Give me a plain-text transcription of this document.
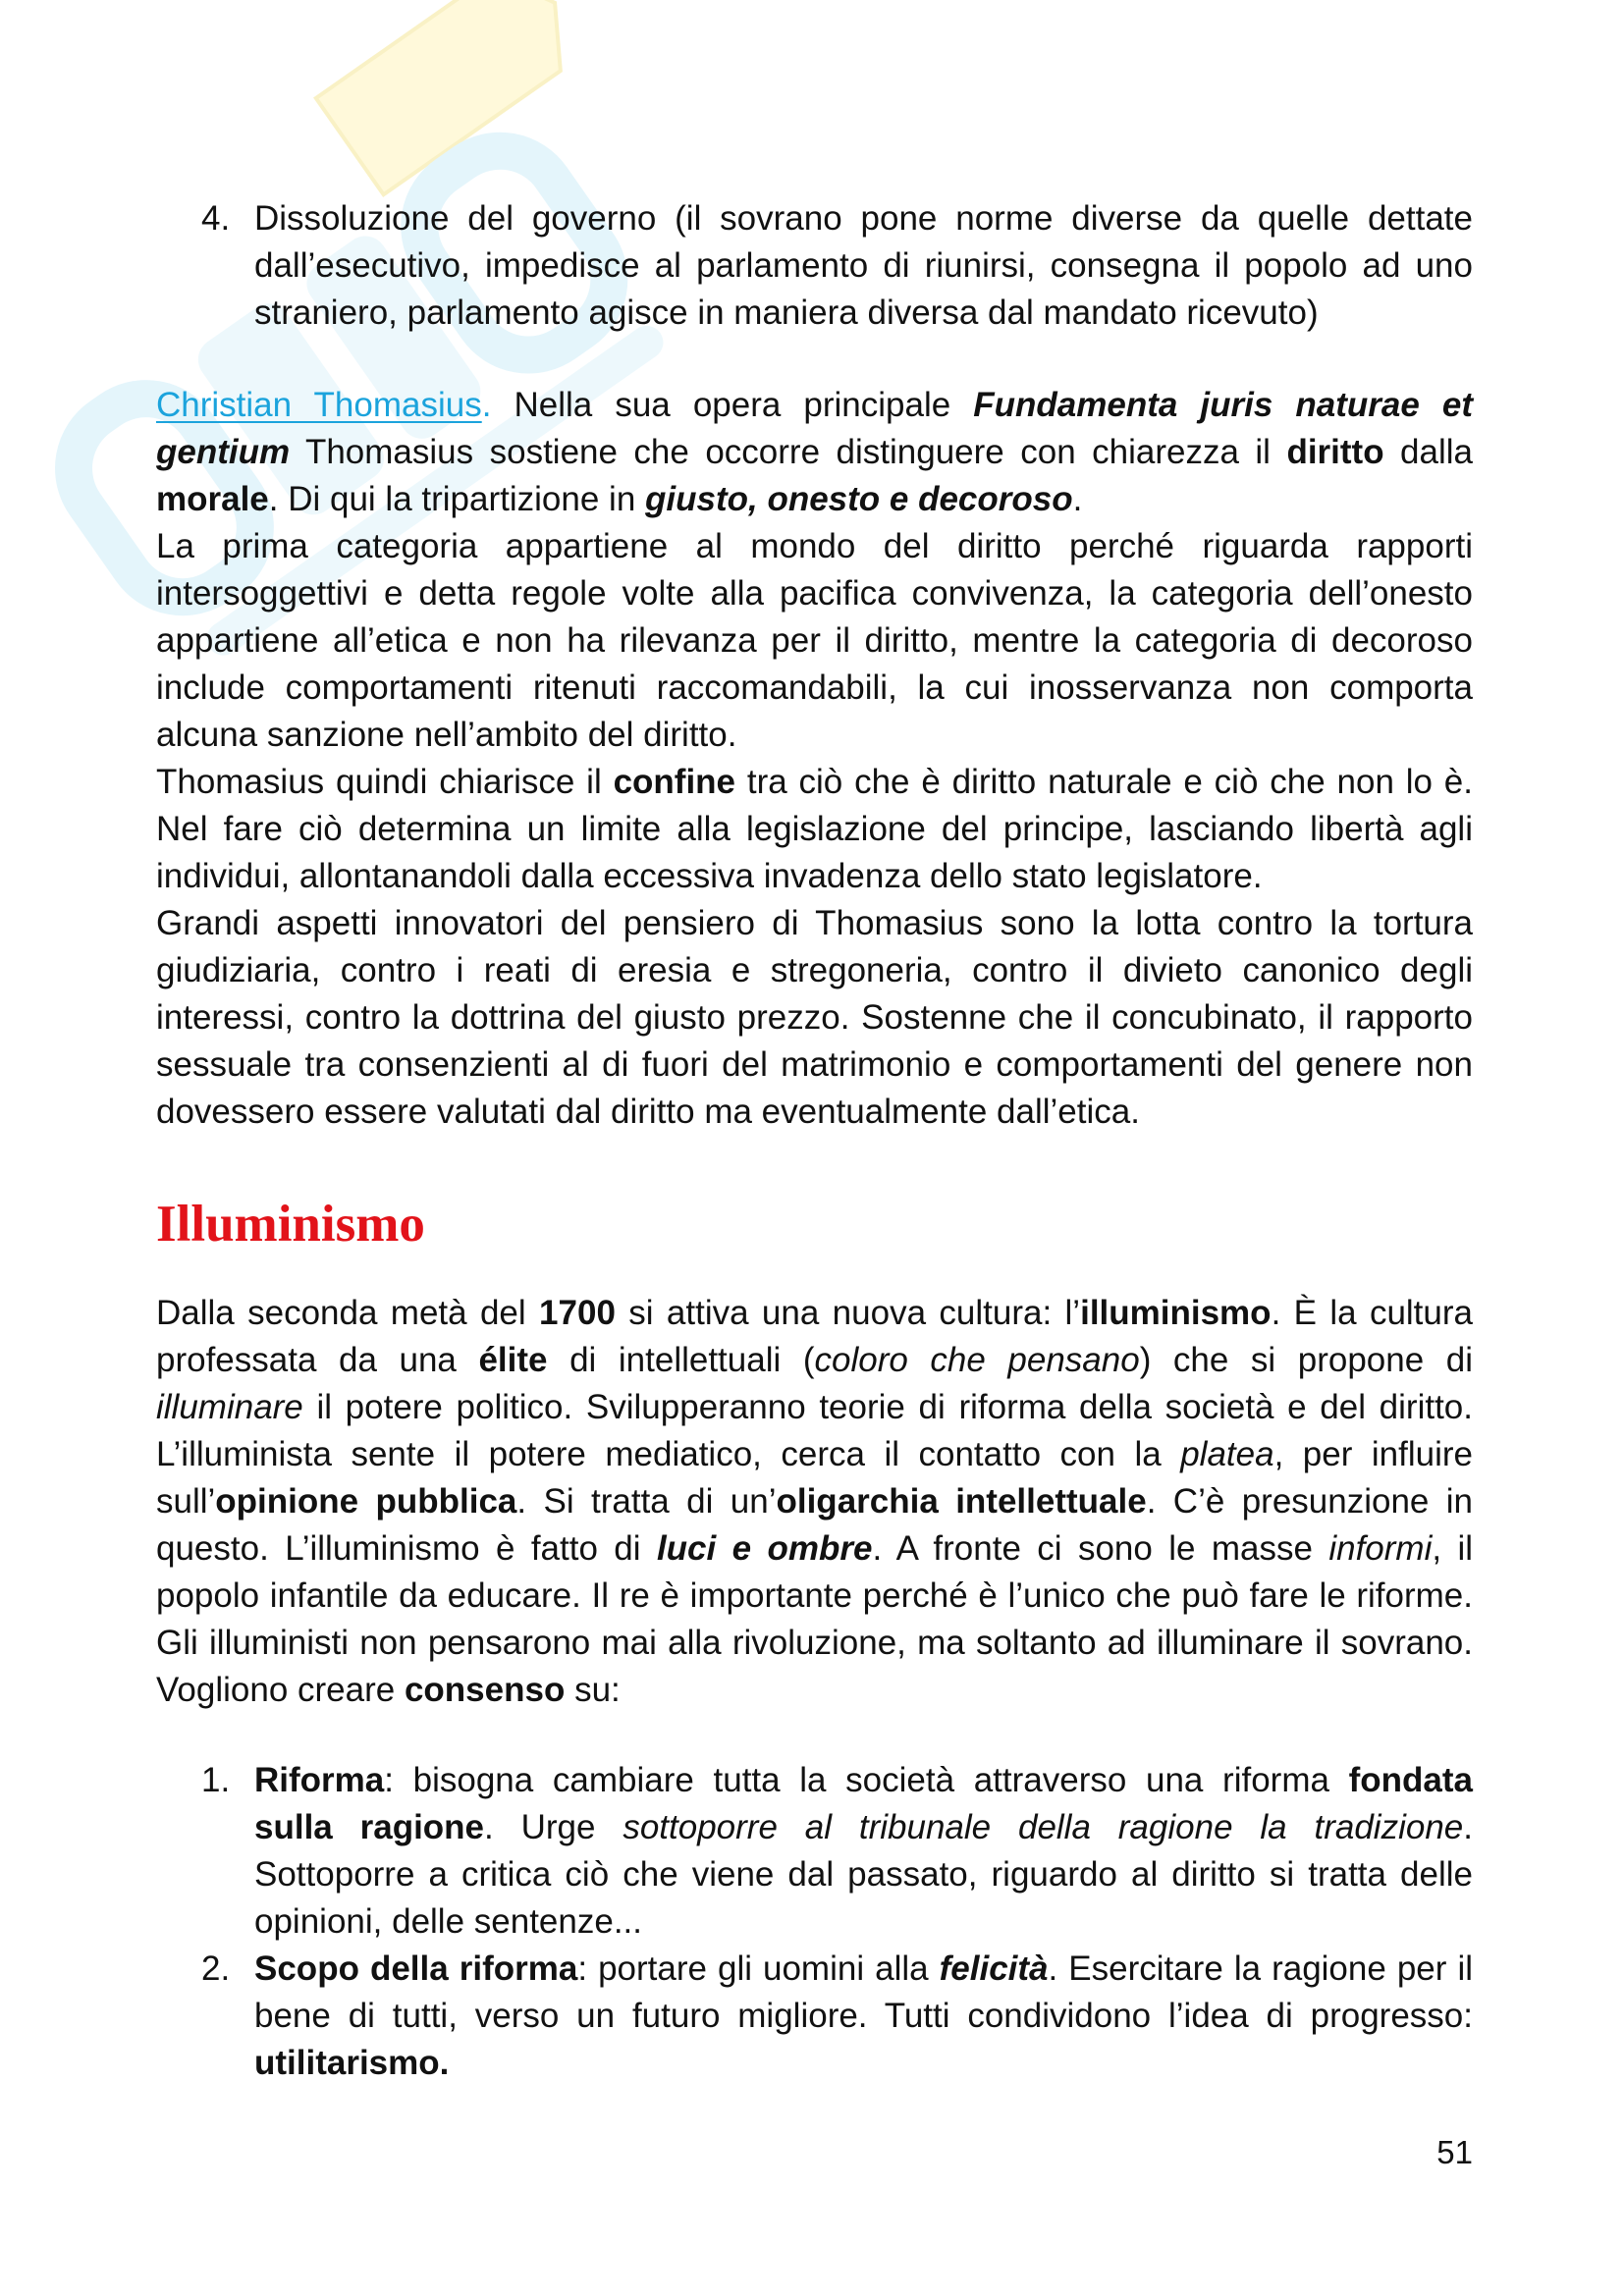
4. Dissoluzione del governo (il sovrano pone norme diverse da quelle dettate dall’esecutivo, impedisce al parlamento di riunirsi, consegna il popolo ad uno straniero, parlamento agisce in maniera diversa dal mandato ricevuto)

Christian Thomasius. Nella sua opera principale Fundamenta juris naturae et gentium Thomasius sostiene che occorre distinguere con chiarezza il diritto dalla morale. Di qui la tripartizione in giusto, onesto e decoroso.

La prima categoria appartiene al mondo del diritto perché riguarda rapporti intersoggettivi e detta regole volte alla pacifica convivenza, la categoria dell’onesto appartiene all’etica e non ha rilevanza per il diritto, mentre la categoria di decoroso include comportamenti ritenuti raccomandabili, la cui inosservanza non comporta alcuna sanzione nell’ambito del diritto.

Thomasius quindi chiarisce il confine tra ciò che è diritto naturale e ciò che non lo è. Nel fare ciò determina un limite alla legislazione del principe, lasciando libertà agli individui, allontanandoli dalla eccessiva invadenza dello stato legislatore.

Grandi aspetti innovatori del pensiero di Thomasius sono la lotta contro la tortura giudiziaria, contro i reati di eresia e stregoneria, contro il divieto canonico degli interessi, contro la dottrina del giusto prezzo. Sostenne che il concubinato, il rapporto sessuale tra consenzienti al di fuori del matrimonio e comportamenti del genere non dovessero essere valutati dal diritto ma eventualmente dall’etica.

Illuminismo

Dalla seconda metà del 1700 si attiva una nuova cultura: l’illuminismo. È la cultura professata da una élite di intellettuali (coloro che pensano) che si propone di illuminare il potere politico. Svilupperanno teorie di riforma della società e del diritto. L’illuminista sente il potere mediatico, cerca il contatto con la platea, per influire sull’opinione pubblica. Si tratta di un’oligarchia intellettuale. C’è presunzione in questo. L’illuminismo è fatto di luci e ombre. A fronte ci sono le masse informi, il popolo infantile da educare. Il re è importante perché è l’unico che può fare le riforme. Gli illuministi non pensarono mai alla rivoluzione, ma soltanto ad illuminare il sovrano. Vogliono creare consenso su:

1. Riforma: bisogna cambiare tutta la società attraverso una riforma fondata sulla ragione. Urge sottoporre al tribunale della ragione la tradizione. Sottoporre a critica ciò che viene dal passato, riguardo al diritto si tratta delle opinioni, delle sentenze...
2. Scopo della riforma: portare gli uomini alla felicità. Esercitare la ragione per il bene di tutti, verso un futuro migliore. Tutti condividono l’idea di progresso: utilitarismo.
51
